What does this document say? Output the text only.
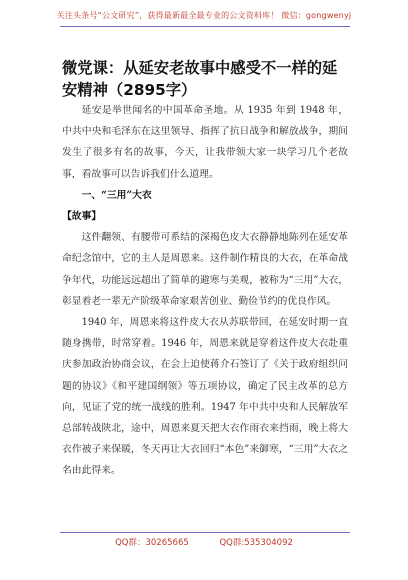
关注头条号“公文研究”，获得最新最全最专业的公文资料库！ 微信：gongwenyj
微党课：从延安老故事中感受不一样的延安精神（2895字）

延安是举世闻名的中国革命圣地。从 1935 年到 1948 年，中共中央和毛泽东在这里领导、指挥了抗日战争和解放战争，期间发生了很多有名的故事，今天，让我带领大家一块学习几个老故事，看故事可以告诉我们什么道理。

一、“三用”大衣

【故事】

这件翻领、有腰带可系结的深褐色皮大衣静静地陈列在延安革命纪念馆中，它的主人是周恩来。这件制作精良的大衣，在革命战争年代，功能远远超出了简单的避寒与美观，被称为“三用”大衣，彰显着老一辈无产阶级革命家艰苦创业、勤俭节约的优良作风。

1940 年，周恩来将这件皮大衣从苏联带回，在延安时期一直随身携带，时常穿着。1946 年，周恩来就是穿着这件皮大衣赴重庆参加政治协商会议，在会上迫使蒋介石签订了《关于政府组织问题的协议》《和平建国纲领》等五项协议，确定了民主改革的总方向，见证了党的统一战线的胜利。1947 年中共中央和人民解放军总部转战陕北，途中，周恩来夏天把大衣作雨衣来挡雨，晚上将大衣作被子来保暖，冬天再让大衣回归“本色”来御寒，“三用”大衣之名由此得来。

QQ群：30265665	QQ群:535304092
